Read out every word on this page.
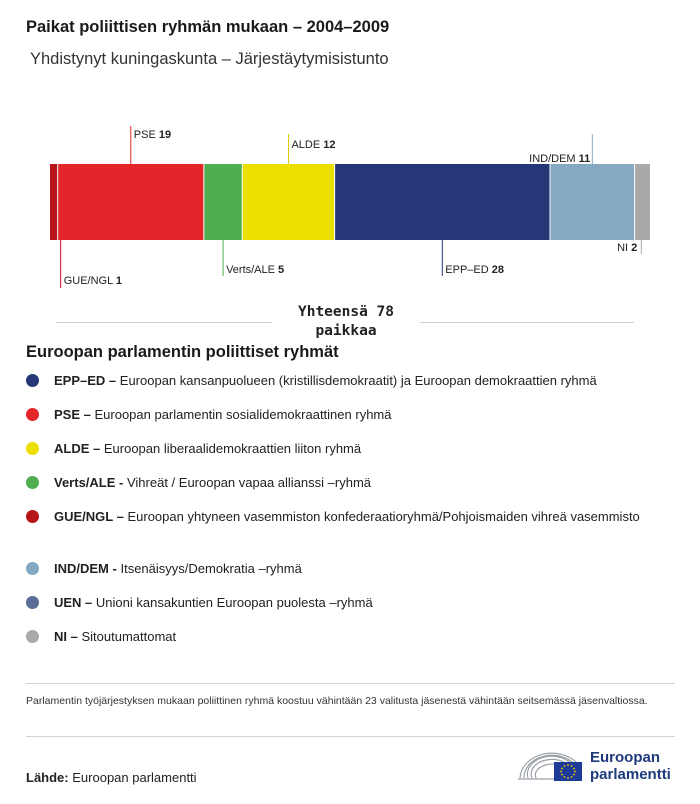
Paikat poliittisen ryhmän mukaan – 2004–2009
Yhdistynyt kuningaskunta – Järjestäytymisistunto
GUE/NGL 1
PSE 19
Verts/ALE 5
ALDE 12
EPP–ED 28
IND/DEM 11
NI 2
Yhteensä 78 paikkaa
Euroopan parlamentin poliittiset ryhmät
EPP–ED – Euroopan kansanpuolueen (kristillisdemokraatit) ja Euroopan demokraattien ryhmä
PSE – Euroopan parlamentin sosialidemokraattinen ryhmä
ALDE – Euroopan liberaalidemokraattien liiton ryhmä
Verts/ALE - Vihreät / Euroopan vapaa allianssi –ryhmä
GUE/NGL – Euroopan yhtyneen vasemmiston konfederaatioryhmä/Pohjoismaiden vihreä vasemmisto
IND/DEM - Itsenäisyys/Demokratia –ryhmä
UEN – Unioni kansakuntien Euroopan puolesta –ryhmä
NI – Sitoutumattomat
Parlamentin työjärjestyksen mukaan poliittinen ryhmä koostuu vähintään 23 valitusta jäsenestä vähintään seitsemässä jäsenvaltiossa.
Lähde: Euroopan parlamentti
Euroopan
parlamentti
